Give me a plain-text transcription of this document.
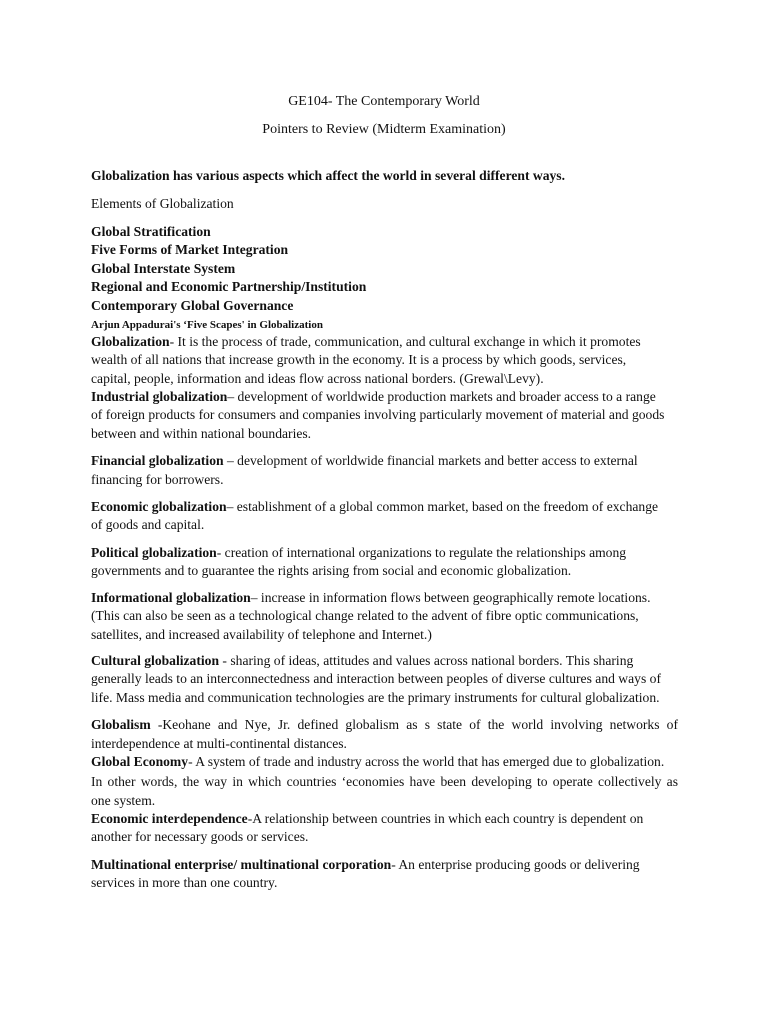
GE104- The Contemporary World
Pointers to Review (Midterm Examination)
Globalization has various aspects which affect the world in several different ways.
Elements of Globalization
Global Stratification
Five Forms of Market Integration
Global Interstate System
Regional and Economic Partnership/Institution
Contemporary Global Governance
Arjun Appadurai's ‘Five Scapes' in Globalization
Globalization- It is the process of trade, communication, and cultural exchange in which it promotes
wealth of all nations that increase growth in the economy. It is a process by which goods, services,
capital, people, information and ideas flow across national borders. (Grewal\Levy).
Industrial globalization– development of worldwide production markets and broader access to a range
of foreign products for consumers and companies involving particularly movement of material and goods
between and within national boundaries.
Financial globalization – development of worldwide financial markets and better access to external
financing for borrowers.
Economic globalization– establishment of a global common market, based on the freedom of exchange
of goods and capital.
Political globalization- creation of international organizations to regulate the relationships among
governments and to guarantee the rights arising from social and economic globalization.
Informational globalization– increase in information flows between geographically remote locations.
(This can also be seen as a technological change related to the advent of fibre optic communications,
satellites, and increased availability of telephone and Internet.)
Cultural globalization - sharing of ideas, attitudes and values across national borders. This sharing
generally leads to an interconnectedness and interaction between peoples of diverse cultures and ways of
life. Mass media and communication technologies are the primary instruments for cultural globalization.
Globalism -Keohane and Nye, Jr. defined globalism as s state of the world involving networks of
interdependence at multi-continental distances.
Global Economy- A system of trade and industry across the world that has emerged due to globalization.
In other words, the way in which countries ‘economies have been developing to operate collectively as
one system.
Economic interdependence-A relationship between countries in which each country is dependent on
another for necessary goods or services.
Multinational enterprise/ multinational corporation- An enterprise producing goods or delivering
services in more than one country.
